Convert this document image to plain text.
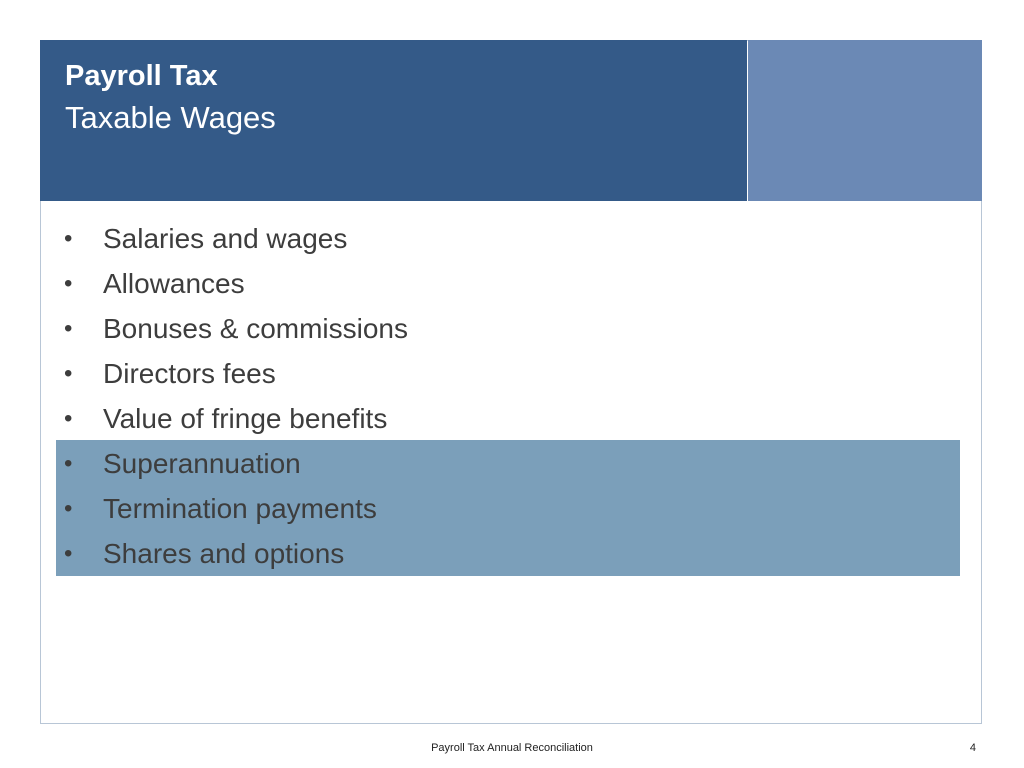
Payroll Tax
Taxable Wages
• Salaries and wages
• Allowances
• Bonuses & commissions
• Directors fees
• Value of fringe benefits
• Superannuation
• Termination payments
• Shares and options
Payroll Tax Annual Reconciliation	4
